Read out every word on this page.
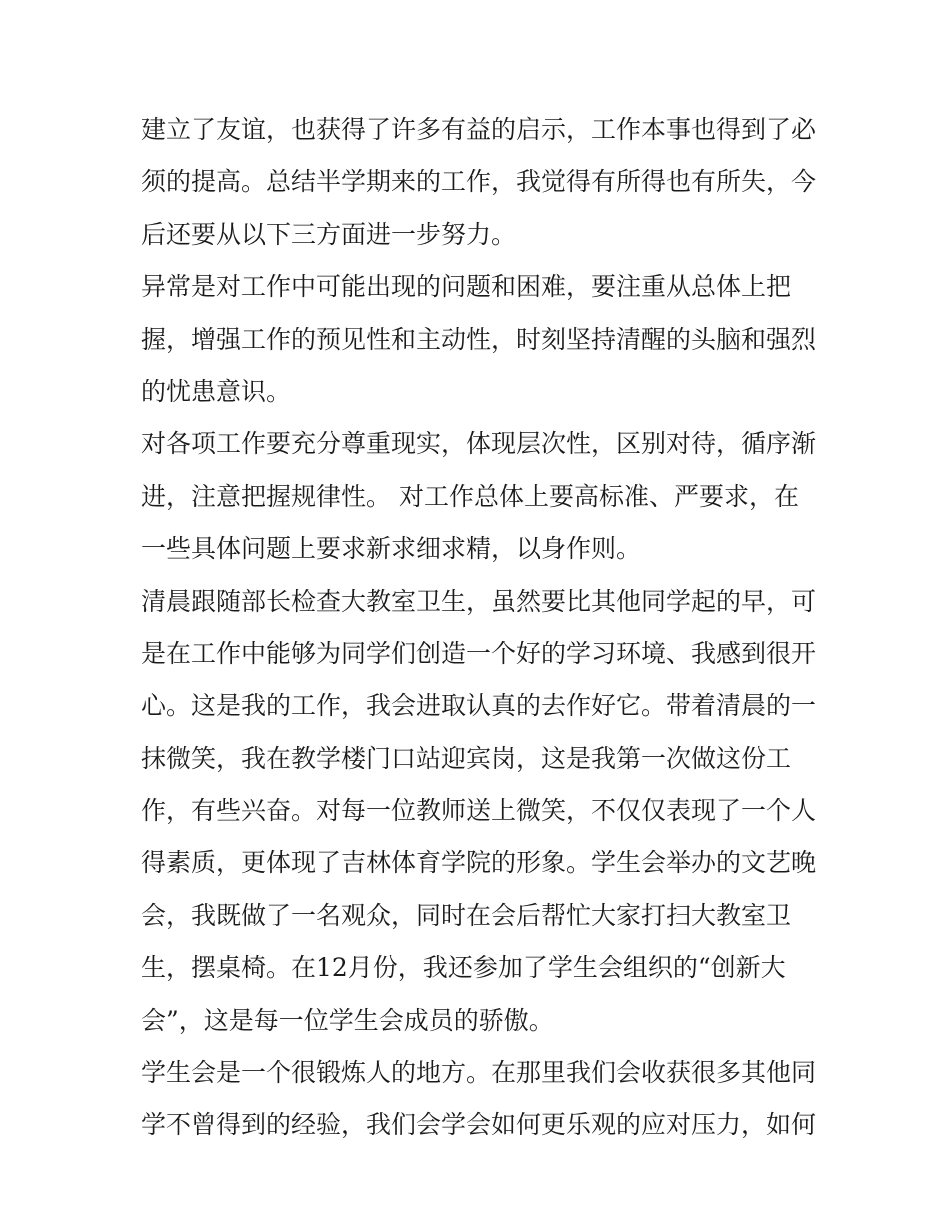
建立了友谊，也获得了许多有益的启示，工作本事也得到了必
须的提高。总结半学期来的工作，我觉得有所得也有所失，今
后还要从以下三方面进一步努力。
异常是对工作中可能出现的问题和困难，要注重从总体上把
握，增强工作的预见性和主动性，时刻坚持清醒的头脑和强烈
的忧患意识。
对各项工作要充分尊重现实，体现层次性，区别对待，循序渐
进，注意把握规律性。 对工作总体上要高标准、严要求，在
一些具体问题上要求新求细求精，以身作则。
清晨跟随部长检查大教室卫生，虽然要比其他同学起的早，可
是在工作中能够为同学们创造一个好的学习环境、我感到很开
心。这是我的工作，我会进取认真的去作好它。带着清晨的一
抹微笑，我在教学楼门口站迎宾岗，这是我第一次做这份工
作，有些兴奋。对每一位教师送上微笑，不仅仅表现了一个人
得素质，更体现了吉林体育学院的形象。学生会举办的文艺晚
会，我既做了一名观众，同时在会后帮忙大家打扫大教室卫
生，摆桌椅。在12月份，我还参加了学生会组织的“创新大
会”，这是每一位学生会成员的骄傲。
学生会是一个很锻炼人的地方。在那里我们会收获很多其他同
学不曾得到的经验，我们会学会如何更乐观的应对压力，如何
